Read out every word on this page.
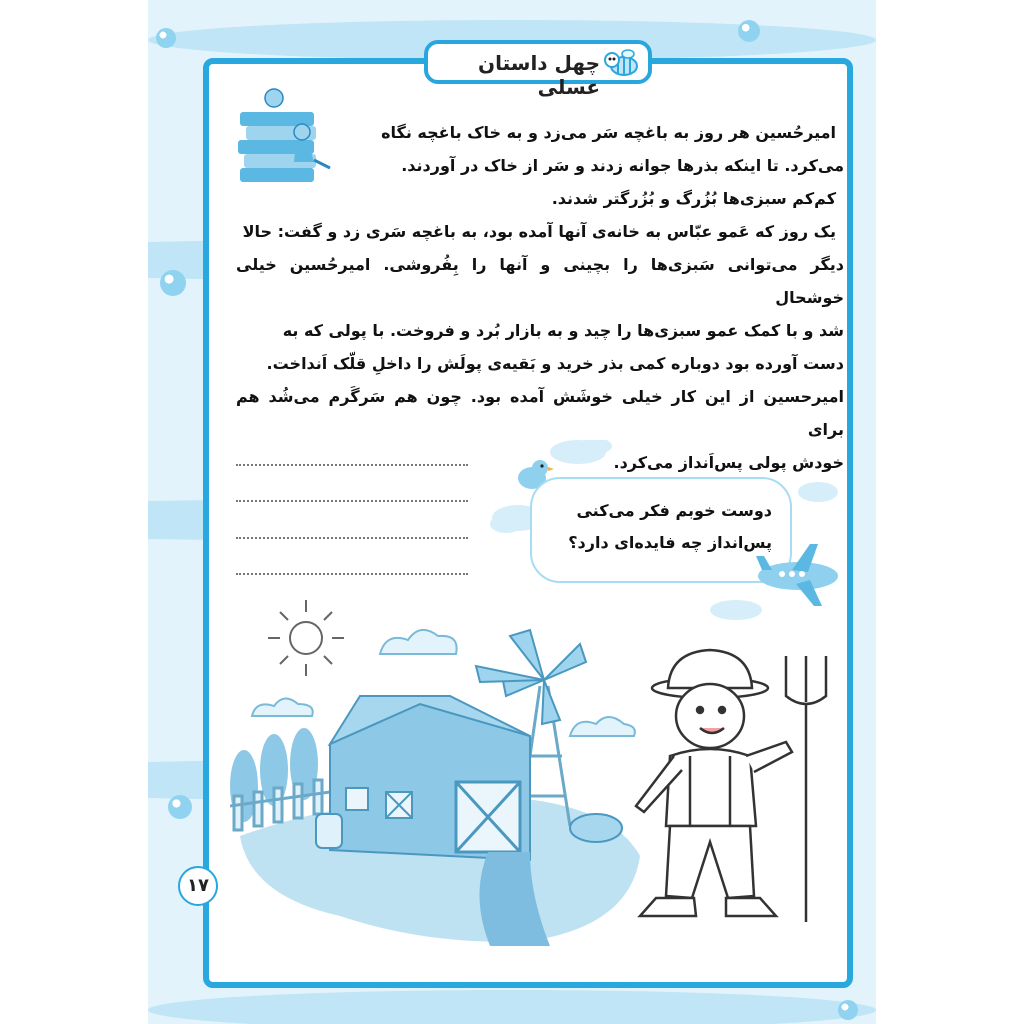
چهل داستان عسلی
امیرحُسین هر روز به باغچه سَر می‌زد و به خاک باغچه نگاه
می‌کرد. تا اینکه بذرها جوانه زدند و سَر از خاک در آوردند.
کم‌کم سبزی‌ها بُزُرگ و بُزُرگتر شدند.
یک روز که عَمو عبّاس به خانه‌ی آنها آمده بود، به باغچه سَری زد و گفت: حالا
دیگر می‌توانی سَبزی‌ها را بچینی و آنها را بِفُروشی. امیرحُسین خیلی خوشحال
شد و با کمک عمو سبزی‌ها را چید و به بازار بُرد و فروخت. با پولی که به
دست آورده بود دوباره کمی بذر خرید و بَقیه‌ی پولَش را داخلِ قلّک اَنداخت.
امیرحسین از این کار خیلی خوشَش آمده بود. چون هم سَرگَرم می‌شُد هم برای
خودش پولی پس‌اَنداز می‌کرد.
دوست خوبم فکر می‌کنی
پس‌انداز چه فایده‌ای دارد؟
۱۷
